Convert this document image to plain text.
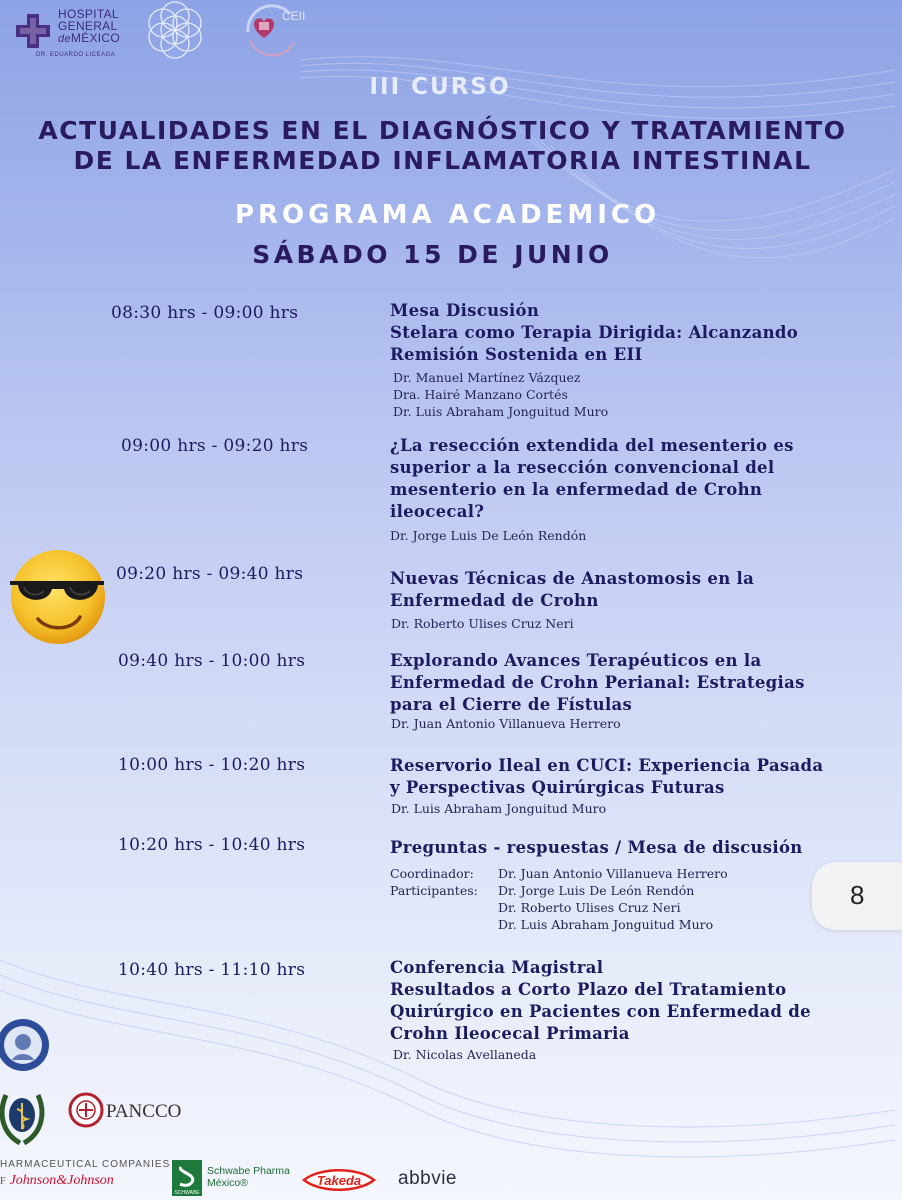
HOSPITAL
GENERAL
deMÉXICO
DR. EDUARDO LICEAGA
CEII
III CURSO
ACTUALIDADES EN EL DIAGNÓSTICO Y TRATAMIENTO
DE LA ENFERMEDAD INFLAMATORIA INTESTINAL
PROGRAMA ACADEMICO
SÁBADO 15 DE JUNIO
08:30 hrs - 09:00 hrs	Mesa Discusión
Stelara como Terapia Dirigida: Alcanzando
Remisión Sostenida en EII
Dr. Manuel Martínez Vázquez
Dra. Hairé Manzano Cortés
Dr. Luis Abraham Jonguitud Muro
09:00 hrs - 09:20 hrs	¿La resección extendida del mesenterio es
superior a la resección convencional del
mesenterio en la enfermedad de Crohn
ileocecal?
Dr. Jorge Luis De León Rendón
09:20 hrs - 09:40 hrs	Nuevas Técnicas de Anastomosis en la
Enfermedad de Crohn
Dr. Roberto Ulises Cruz Neri
09:40 hrs - 10:00 hrs	Explorando Avances Terapéuticos en la
Enfermedad de Crohn Perianal: Estrategias
para el Cierre de Fístulas
Dr. Juan Antonio Villanueva Herrero
10:00 hrs - 10:20 hrs	Reservorio Ileal en CUCI: Experiencia Pasada
y Perspectivas Quirúrgicas Futuras
Dr. Luis Abraham Jonguitud Muro
10:20 hrs - 10:40 hrs	Preguntas - respuestas / Mesa de discusión
Coordinador:	Dr. Juan Antonio Villanueva Herrero
Participantes:	Dr. Jorge Luis De León Rendón
Dr. Roberto Ulises Cruz Neri
Dr. Luis Abraham Jonguitud Muro
10:40 hrs - 11:10 hrs	Conferencia Magistral
Resultados a Corto Plazo del Tratamiento
Quirúrgico en Pacientes con Enfermedad de
Crohn Ileocecal Primaria
Dr. Nicolas Avellaneda
8
PANCCO
HARMACEUTICAL COMPANIES
F Johnson&Johnson
SCHWABE
Schwabe Pharma
México®	Takeda abbvie
